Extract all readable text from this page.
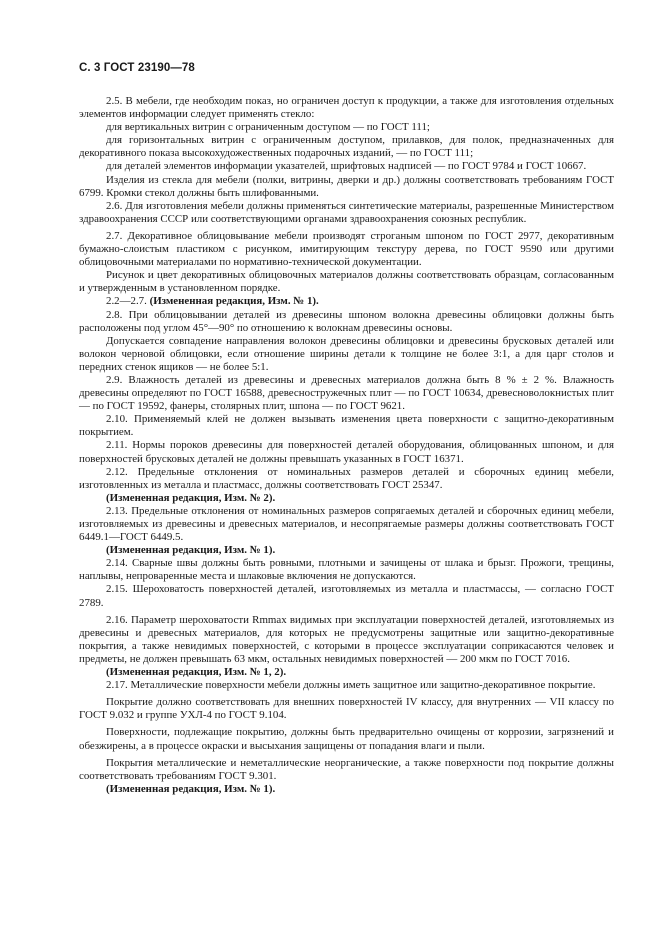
С. 3 ГОСТ 23190—78

2.5. В мебели, где необходим показ, но ограничен доступ к продукции, а также для изготовления отдельных элементов информации следует применять стекло:

для вертикальных витрин с ограниченным доступом — по ГОСТ 111;

для горизонтальных витрин с ограниченным доступом, прилавков, для полок, предназначенных для декоративного показа высокохудожественных подарочных изданий, — по ГОСТ 111;

для деталей элементов информации указателей, шрифтовых надписей — по ГОСТ 9784 и ГОСТ 10667.

Изделия из стекла для мебели (полки, витрины, дверки и др.) должны соответствовать требованиям ГОСТ 6799. Кромки стекол должны быть шлифованными.

2.6. Для изготовления мебели должны применяться синтетические материалы, разрешенные Министерством здравоохранения СССР или соответствующими органами здравоохранения союзных республик.

2.7. Декоративное облицовывание мебели производят строганым шпоном по ГОСТ 2977, декоративным бумажно-слоистым пластиком с рисунком, имитирующим текстуру дерева, по ГОСТ 9590 или другими облицовочными материалами по нормативно-технической документации.

Рисунок и цвет декоративных облицовочных материалов должны соответствовать образцам, согласованным и утвержденным в установленном порядке.

2.2—2.7. (Измененная редакция, Изм. № 1).

2.8. При облицовывании деталей из древесины шпоном волокна древесины облицовки должны быть расположены под углом 45°—90° по отношению к волокнам древесины основы.

Допускается совпадение направления волокон древесины облицовки и древесины брусковых деталей или волокон черновой облицовки, если отношение ширины детали к толщине не более 3:1, а для царг столов и передних стенок ящиков — не более 5:1.

2.9. Влажность деталей из древесины и древесных материалов должна быть 8 % ± 2 %. Влажность древесины определяют по ГОСТ 16588, древесностружечных плит — по ГОСТ 10634, древесноволокнистых плит — по ГОСТ 19592, фанеры, столярных плит, шпона — по ГОСТ 9621.

2.10. Применяемый клей не должен вызывать изменения цвета поверхности с защитно-декоративным покрытием.

2.11. Нормы пороков древесины для поверхностей деталей оборудования, облицованных шпоном, и для поверхностей брусковых деталей не должны превышать указанных в ГОСТ 16371.

2.12. Предельные отклонения от номинальных размеров деталей и сборочных единиц мебели, изготовленных из металла и пластмасс, должны соответствовать ГОСТ 25347.

(Измененная редакция, Изм. № 2).

2.13. Предельные отклонения от номинальных размеров сопрягаемых деталей и сборочных единиц мебели, изготовляемых из древесины и древесных материалов, и несопрягаемые размеры должны соответствовать ГОСТ 6449.1—ГОСТ 6449.5.

(Измененная редакция, Изм. № 1).

2.14. Сварные швы должны быть ровными, плотными и зачищены от шлака и брызг. Прожоги, трещины, наплывы, непроваренные места и шлаковые включения не допускаются.

2.15. Шероховатость поверхностей деталей, изготовляемых из металла и пластмассы, — согласно ГОСТ 2789.

2.16. Параметр шероховатости Rmmax видимых при эксплуатации поверхностей деталей, изготовляемых из древесины и древесных материалов, для которых не предусмотрены защитные или защитно-декоративные покрытия, а также невидимых поверхностей, с которыми в процессе эксплуатации соприкасаются человек и предметы, не должен превышать 63 мкм, остальных невидимых поверхностей — 200 мкм по ГОСТ 7016.

(Измененная редакция, Изм. № 1, 2).

2.17. Металлические поверхности мебели должны иметь защитное или защитно-декоративное покрытие.

Покрытие должно соответствовать для внешних поверхностей IV классу, для внутренних — VII классу по ГОСТ 9.032 и группе УХЛ-4 по ГОСТ 9.104.

Поверхности, подлежащие покрытию, должны быть предварительно очищены от коррозии, загрязнений и обезжирены, а в процессе окраски и высыхания защищены от попадания влаги и пыли.

Покрытия металлические и неметаллические неорганические, а также поверхности под покрытие должны соответствовать требованиям ГОСТ 9.301.

(Измененная редакция, Изм. № 1).
